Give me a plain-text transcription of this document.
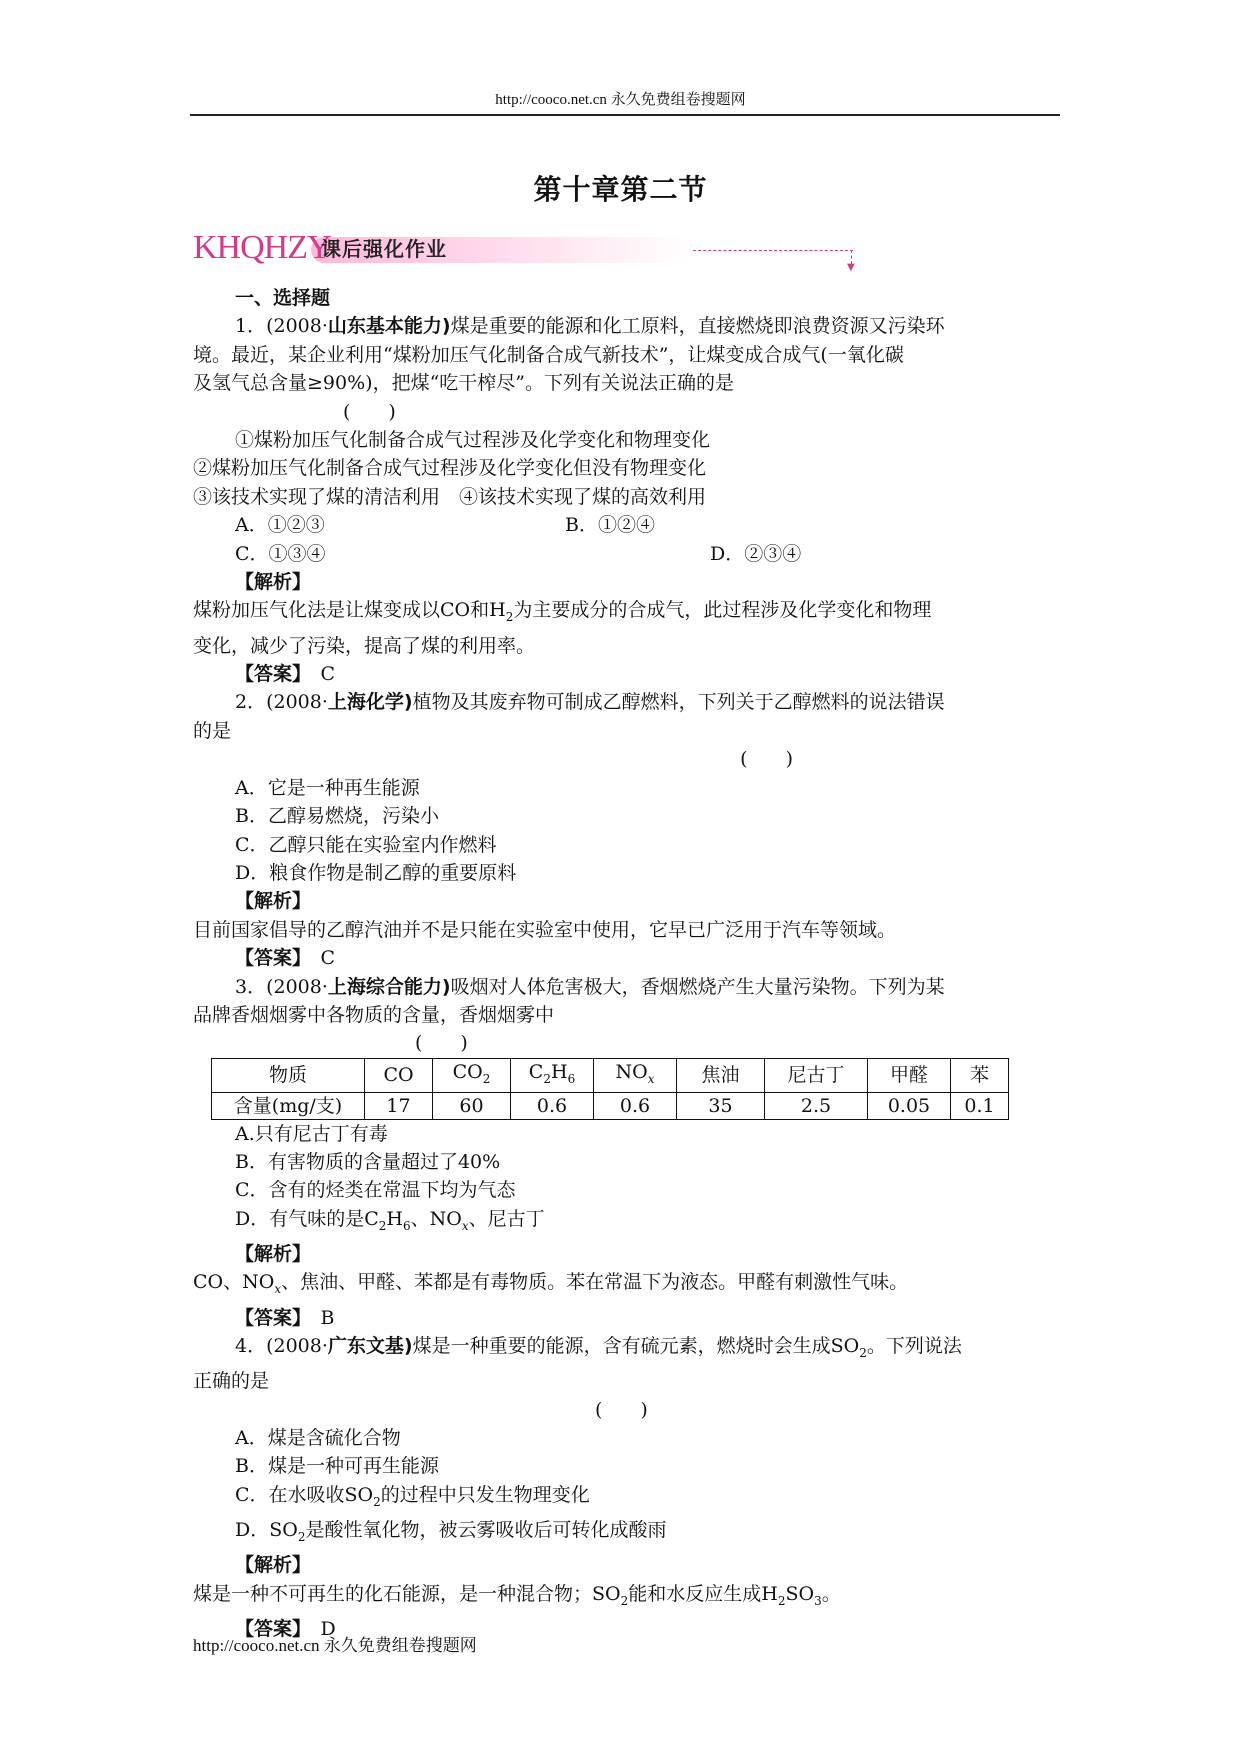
http://cooco.net.cn 永久免费组卷搜题网
第十章第二节
KHQHZY
课后强化作业
▼
一、选择题
1．(2008·山东基本能力)煤是重要的能源和化工原料，直接燃烧即浪费资源又污染环
境。最近，某企业利用“煤粉加压气化制备合成气新技术”，让煤变成合成气(一氧化碳
及氢气总含量≥90%)，把煤“吃干榨尽”。下列有关说法正确的是
(　　)
①煤粉加压气化制备合成气过程涉及化学变化和物理变化
②煤粉加压气化制备合成气过程涉及化学变化但没有物理变化
③该技术实现了煤的清洁利用　④该技术实现了煤的高效利用
A．①②③	B．①②④
C．①③④	D．②③④
【解析】
煤粉加压气化法是让煤变成以CO和$H_2$为主要成分的合成气，此过程涉及化学变化和物理
变化，减少了污染，提高了煤的利用率。
【答案】　 C
2．(2008·上海化学)植物及其废弃物可制成乙醇燃料，下列关于乙醇燃料的说法错误
的是
(　　)
A．它是一种再生能源
B．乙醇易燃烧，污染小
C．乙醇只能在实验室内作燃料
D．粮食作物是制乙醇的重要原料
【解析】
目前国家倡导的乙醇汽油并不是只能在实验室中使用，它早已广泛用于汽车等领域。
【答案】　 C
3．(2008·上海综合能力)吸烟对人体危害极大，香烟燃烧产生大量污染物。下列为某
品牌香烟烟雾中各物质的含量，香烟烟雾中
(　　)
物质	CO	$CO_2$	$C_2H_6$	$NO_x$	焦油	尼古丁	甲醛	苯
含量(mg/支)	17	60	0.6	0.6	35	2.5	0.05	0.1
A.只有尼古丁有毒
B．有害物质的含量超过了40%
C．含有的烃类在常温下均为气态
D．有气味的是$C_2H_6$、$NO_x$、尼古丁
【解析】
CO、$NO_x$、焦油、甲醛、苯都是有毒物质。苯在常温下为液态。甲醛有刺激性气味。
【答案】　 B
4．(2008·广东文基)煤是一种重要的能源，含有硫元素，燃烧时会生成$SO_2$。下列说法
正确的是
(　　)
A．煤是含硫化合物
B．煤是一种可再生能源
C．在水吸收$SO_2$的过程中只发生物理变化
D．$SO_2$是酸性氧化物，被云雾吸收后可转化成酸雨
【解析】
煤是一种不可再生的化石能源，是一种混合物；$SO_2$能和水反应生成$H_2SO_3$。
【答案】　 D
http://cooco.net.cn 永久免费组卷搜题网
